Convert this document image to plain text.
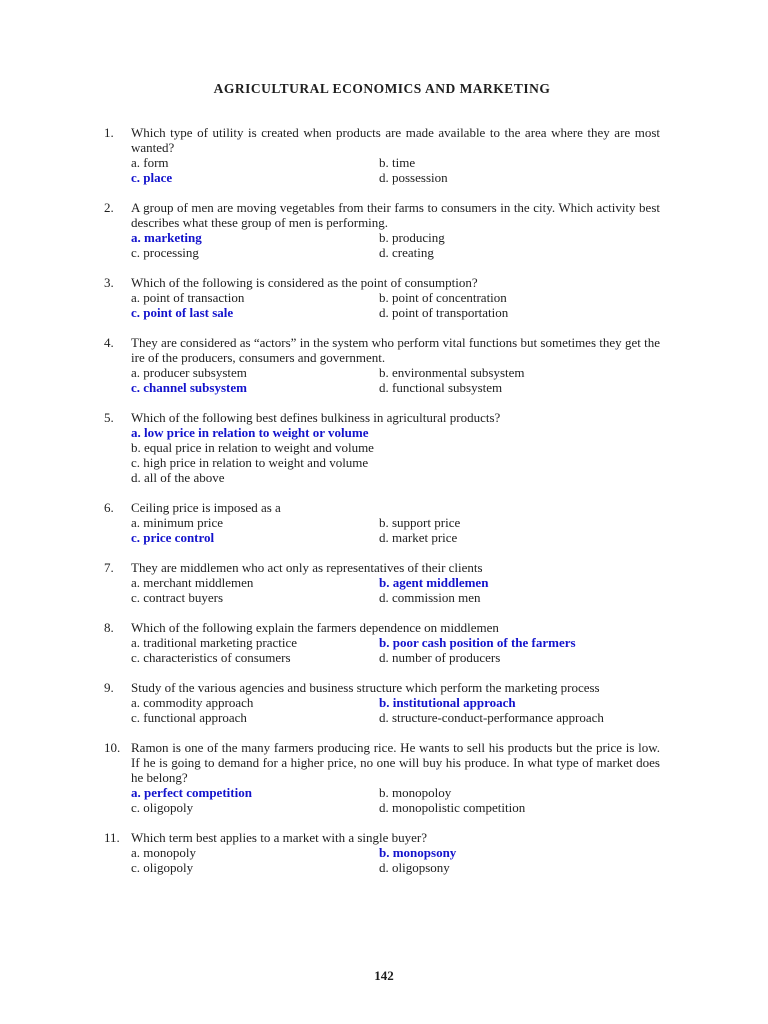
AGRICULTURAL ECONOMICS AND MARKETING
1.	Which type of utility is created when products are made available to the area where they are most wanted?

a. form	b. time
c. place	d. possession
2.	A group of men are moving vegetables from their farms to consumers in the city. Which activity best describes what these group of men is performing.

a. marketing	b. producing
c. processing	d. creating
3.	Which of the following is considered as the point of consumption?

a. point of transaction	b. point of concentration
c. point of last sale	d. point of transportation
4.	They are considered as “actors” in the system who perform vital functions but sometimes they get the ire of the producers, consumers and government.

a. producer subsystem	b. environmental subsystem
c. channel subsystem	d. functional subsystem
5.	Which of the following best defines bulkiness in agricultural products?

a. low price in relation to weight or volume
b. equal price in relation to weight and volume
c. high price in relation to weight and volume
d. all of the above
6.	Ceiling price is imposed as a

a. minimum price	b. support price
c. price control	d. market price
7.	They are middlemen who act only as representatives of their clients

a. merchant middlemen	b. agent middlemen
c. contract buyers	d. commission men
8.	Which of the following explain the farmers dependence on middlemen

a. traditional marketing practice	b. poor cash position of the farmers
c. characteristics of consumers	d. number of producers
9.	Study of the various agencies and business structure which perform the marketing process

a. commodity approach	b. institutional approach
c. functional approach	d. structure-conduct-performance approach
10. Ramon is one of the many farmers producing rice. He wants to sell his products but the price is low. If he is going to demand for a higher price, no one will buy his produce. In what type of market does he belong?

a. perfect competition	b. monopoloy
c. oligopoly	d. monopolistic competition
11. Which term best applies to a market with a single buyer?

a. monopoly	b. monopsony
c. oligopoly	d. oligopsony
142
